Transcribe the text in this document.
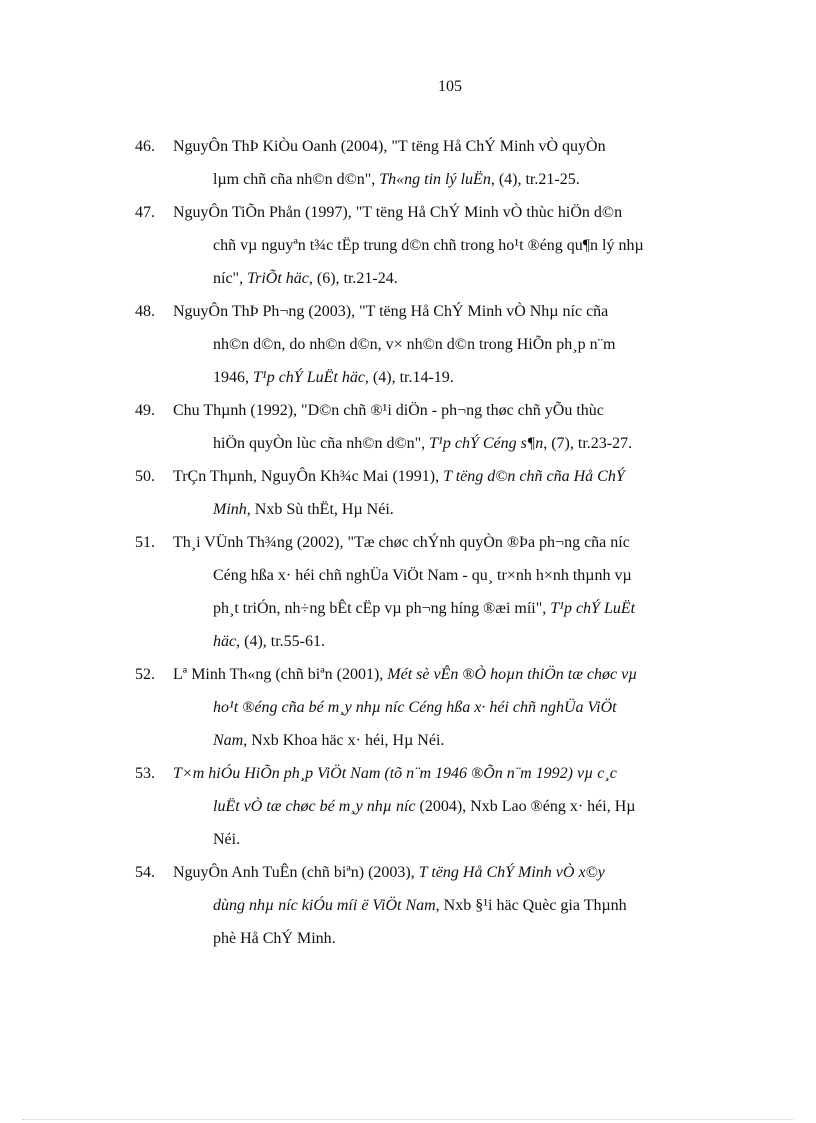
105
46.	NguyÔn ThÞ KiÒu Oanh (2004), "T tëng Hå ChÝ Minh vÒ quyÒn
lµm chñ cña nh©n d©n", Th«ng tin lý luËn, (4), tr.21-25.
47.	NguyÔn TiÕn Phån (1997), "T tëng Hå ChÝ Minh vÒ thùc hiÖn d©n
chñ vµ nguyªn t¾c tËp trung d©n chñ trong ho¹t ®éng qu¶n lý nhµ
níc", TriÕt häc, (6), tr.21-24.
48.	NguyÔn ThÞ Ph¬ng (2003), "T tëng Hå ChÝ Minh vÒ Nhµ níc cña
nh©n d©n, do nh©n d©n, v× nh©n d©n trong HiÕn ph¸p n¨m
1946, T¹p chÝ LuËt häc, (4), tr.14-19.
49.	Chu Thµnh (1992), "D©n chñ ®¹i diÖn - ph¬ng thøc chñ yÕu thùc
hiÖn quyÒn lùc cña nh©n d©n", T¹p chÝ Céng s¶n, (7), tr.23-27.
50.	TrÇn Thµnh, NguyÔn Kh¾c Mai (1991), T tëng d©n chñ cña Hå ChÝ
Minh, Nxb Sù thËt, Hµ Néi.
51.	Th¸i VÜnh Th¾ng (2002), "Tæ chøc chÝnh quyÒn ®Þa ph¬ng cña níc
Céng hßa x· héi chñ nghÜa ViÖt Nam - qu¸ tr×nh h×nh thµnh vµ
ph¸t triÓn, nh÷ng bÊt cËp vµ ph¬ng híng ®æi míi", T¹p chÝ LuËt
häc, (4), tr.55-61.
52.	Lª Minh Th«ng (chñ biªn (2001), Mét sè vÊn ®Ò hoµn thiÖn tæ chøc vµ
ho¹t ®éng cña bé m¸y nhµ níc Céng hßa x· héi chñ nghÜa ViÖt
Nam, Nxb Khoa häc x· héi, Hµ Néi.
53.	T×m hiÓu HiÕn ph¸p ViÖt Nam (tõ n¨m 1946 ®Õn n¨m 1992) vµ c¸c
luËt vÒ tæ chøc bé m¸y nhµ níc (2004), Nxb Lao ®éng x· héi, Hµ
Néi.
54.	NguyÔn Anh TuÊn (chñ biªn) (2003), T tëng Hå ChÝ Minh vÒ x©y
dùng nhµ níc kiÓu míi ë ViÖt Nam, Nxb §¹i häc Quèc gia Thµnh
phè Hå ChÝ Minh.
